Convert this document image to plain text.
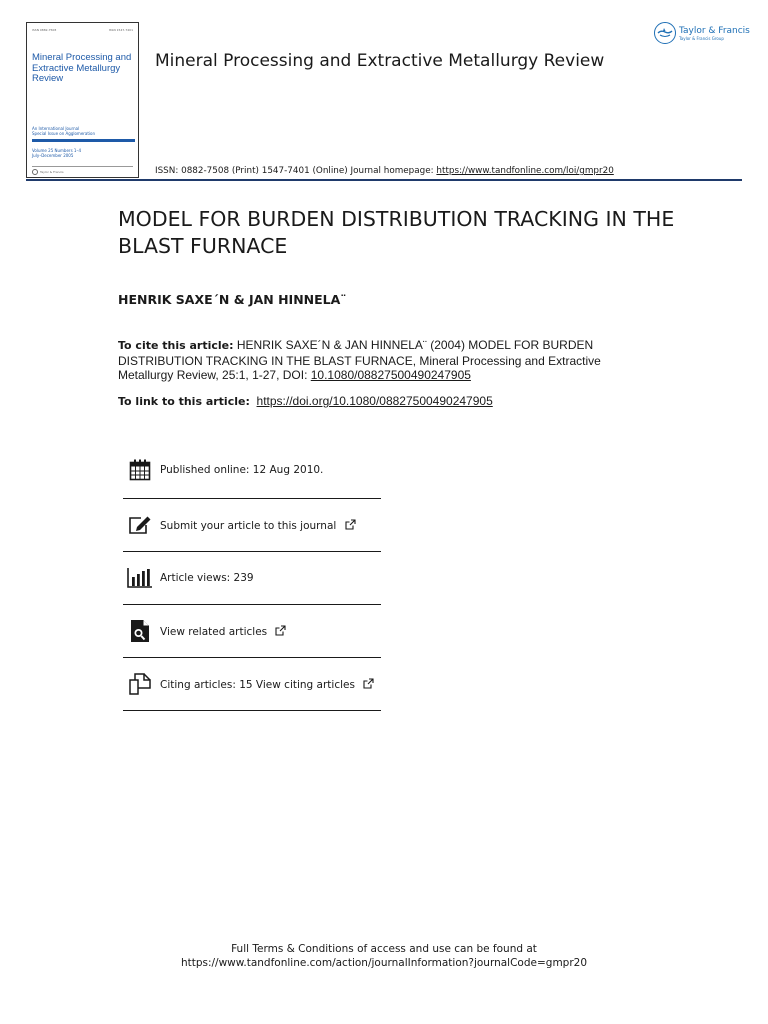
ISSN 0882-7508	ISSN 1547-7401
Mineral Processing and Extractive Metallurgy Review
An International Journal
Special Issue on Agglomeration
Volume 25 Numbers 1–4
July–December 2005
Taylor & Francis
Mineral Processing and Extractive Metallurgy Review
Taylor & Francis
Taylor & Francis Group
ISSN: 0882-7508 (Print) 1547-7401 (Online) Journal homepage: https://www.tandfonline.com/loi/gmpr20
MODEL FOR BURDEN DISTRIBUTION TRACKING IN THE BLAST FURNACE
HENRIK SAXE´N & JAN HINNELA¨
To cite this article: HENRIK SAXE´N & JAN HINNELA¨ (2004) MODEL FOR BURDEN DISTRIBUTION TRACKING IN THE BLAST FURNACE, Mineral Processing and Extractive Metallurgy Review, 25:1, 1-27, DOI: 10.1080/08827500490247905
To link to this article: https://doi.org/10.1080/08827500490247905
Published online: 12 Aug 2010.
Submit your article to this journal
Article views: 239
View related articles
Citing articles: 15 View citing articles
Full Terms & Conditions of access and use can be found at
https://www.tandfonline.com/action/journalInformation?journalCode=gmpr20
